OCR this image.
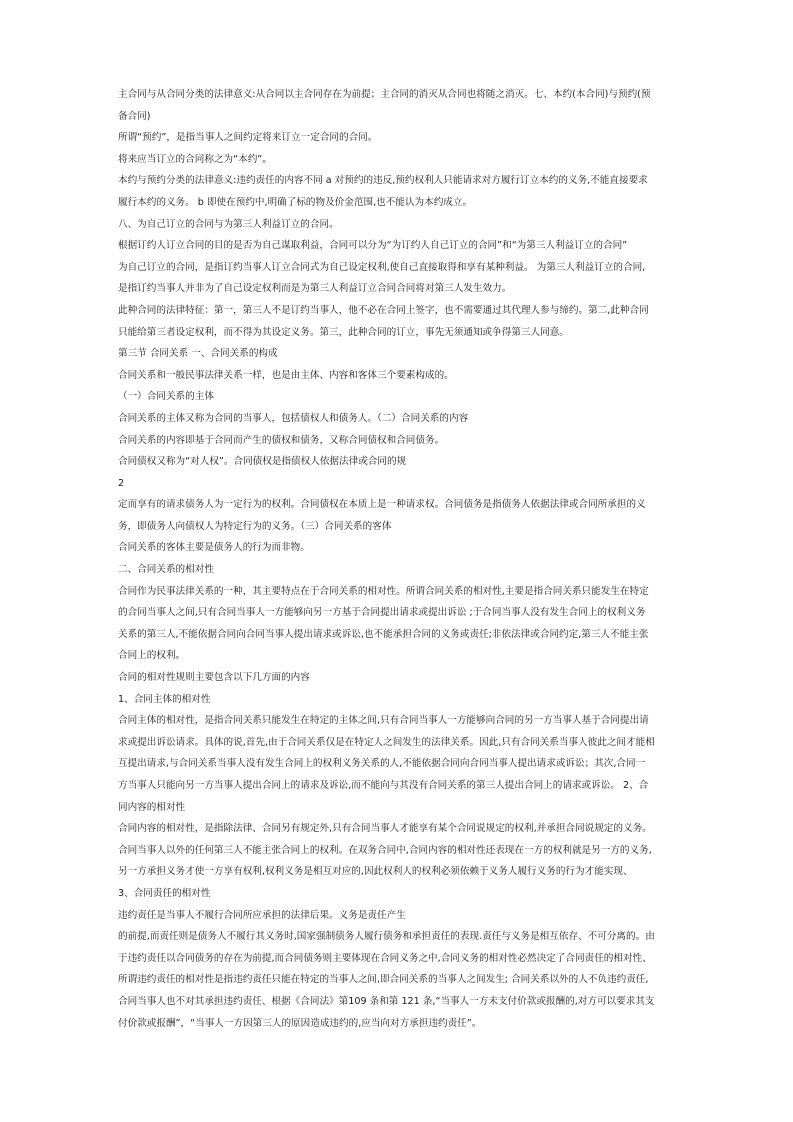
主合同与从合同分类的法律意义:从合同以主合同存在为前提；主合同的消灭从合同也将随之消灭。七、本约(本合同)与预约(预
备合同)
所谓“预约”，是指当事人之间约定将来订立一定合同的合同。
将来应当订立的合同称之为“本约”。
本约与预约分类的法律意义:违约责任的内容不同 a 对预约的违反,预约权利人只能请求对方履行订立本约的义务,不能直接要求
履行本约的义务。 b 即使在预约中,明确了标的物及价金范围,也不能认为本约成立。
八、为自己订立的合同与为第三人利益订立的合同。
根据订约人订立合同的目的是否为自己谋取利益，合同可以分为“为订约人自己订立的合同”和“为第三人利益订立的合同”
为自己订立的合同，是指订约当事人订立合同式为自己设定权利,使自己直接取得和享有某种利益。 为第三人利益订立的合同,
是指订约当事人并非为了自己设定权利而是为第三人利益订立合同合同将对第三人发生效力。
此种合同的法律特征：第一，第三人不是订约当事人，他不必在合同上签字，也不需要通过其代理人参与缔约。第二,此种合同
只能给第三者设定权利，而不得为其设定义务。第三，此种合同的订立，事先无须通知或争得第三人同意。
第三节 合同关系 一、合同关系的构成
合同关系和一般民事法律关系一样，也是由主体、内容和客体三个要素构成的。
（一）合同关系的主体
合同关系的主体又称为合同的当事人，包括债权人和债务人。（二）合同关系的内容
合同关系的内容即基于合同而产生的债权和债务，又称合同债权和合同债务。
合同债权又称为“对人权”。合同债权是指债权人依据法律或合同的规
2
定而享有的请求债务人为一定行为的权利。合同债权在本质上是一种请求权。合同债务是指债务人依据法律或合同所承担的义
务，即债务人向债权人为特定行为的义务。（三）合同关系的客体
合同关系的客体主要是债务人的行为而非物。
二、合同关系的相对性
合同作为民事法律关系的一种，其主要特点在于合同关系的相对性。所谓合同关系的相对性,主要是指合同关系只能发生在特定
的合同当事人之间,只有合同当事人一方能够向另一方基于合同提出请求或提出诉讼 ;于合同当事人没有发生合同上的权利义务
关系的第三人,不能依据合同向合同当事人提出请求或诉讼,也不能承担合同的义务或责任;非依法律或合同约定,第三人不能主张
合同上的权利。
合同的相对性规则主要包含以下几方面的内容
1、合同主体的相对性
合同主体的相对性，是指合同关系只能发生在特定的主体之间,只有合同当事人一方能够向合同的另一方当事人基于合同提出请
求或提出诉讼请求。具体的说,首先,由于合同关系仅是在特定人之间发生的法律关系。因此,只有合同关系当事人彼此之间才能相
互提出请求,与合同关系当事人没有发生合同上的权利义务关系的人,不能依据合同向合同当事人提出请求或诉讼；其次,合同一
方当事人只能向另一方当事人提出合同上的请求及诉讼,而不能向与其没有合同关系的第三人提出合同上的请求或诉讼。 2、合
同内容的相对性
合同内容的相对性，是指除法律、合同另有规定外,只有合同当事人才能享有某个合同说规定的权利,并承担合同说规定的义务。
合同当事人以外的任何第三人不能主张合同上的权利。在双务合同中,合同内容的相对性还表现在一方的权利就是另一方的义务,
另一方承担义务才使一方享有权利,权利义务是相互对应的,因此权利人的权利必须依赖于义务人履行义务的行为才能实现、
3、合同责任的相对性
违约责任是当事人不履行合同所应承担的法律后果。义务是责任产生
的前提,而责任则是债务人不履行其义务时,国家强制债务人履行债务和承担责任的表现.责任与义务是相互依存、不可分离的。由
于违约责任以合同债务的存在为前提,而合同债务则主要体现在合同义务之中,合同义务的相对性必然决定了合同责任的相对性、
所谓违约责任的相对性是指违约责任只能在特定的当事人之间,即合同关系的当事人之间发生; 合同关系以外的人不负违约责任,
合同当事人也不对其承担违约责任、根据《合同法》第109 条和第 121 条,“当事人一方未支付价款或报酬的,对方可以要求其支
付价款或报酬”，“当事人一方因第三人的原因造成违约的,应当向对方承担违约责任”。
